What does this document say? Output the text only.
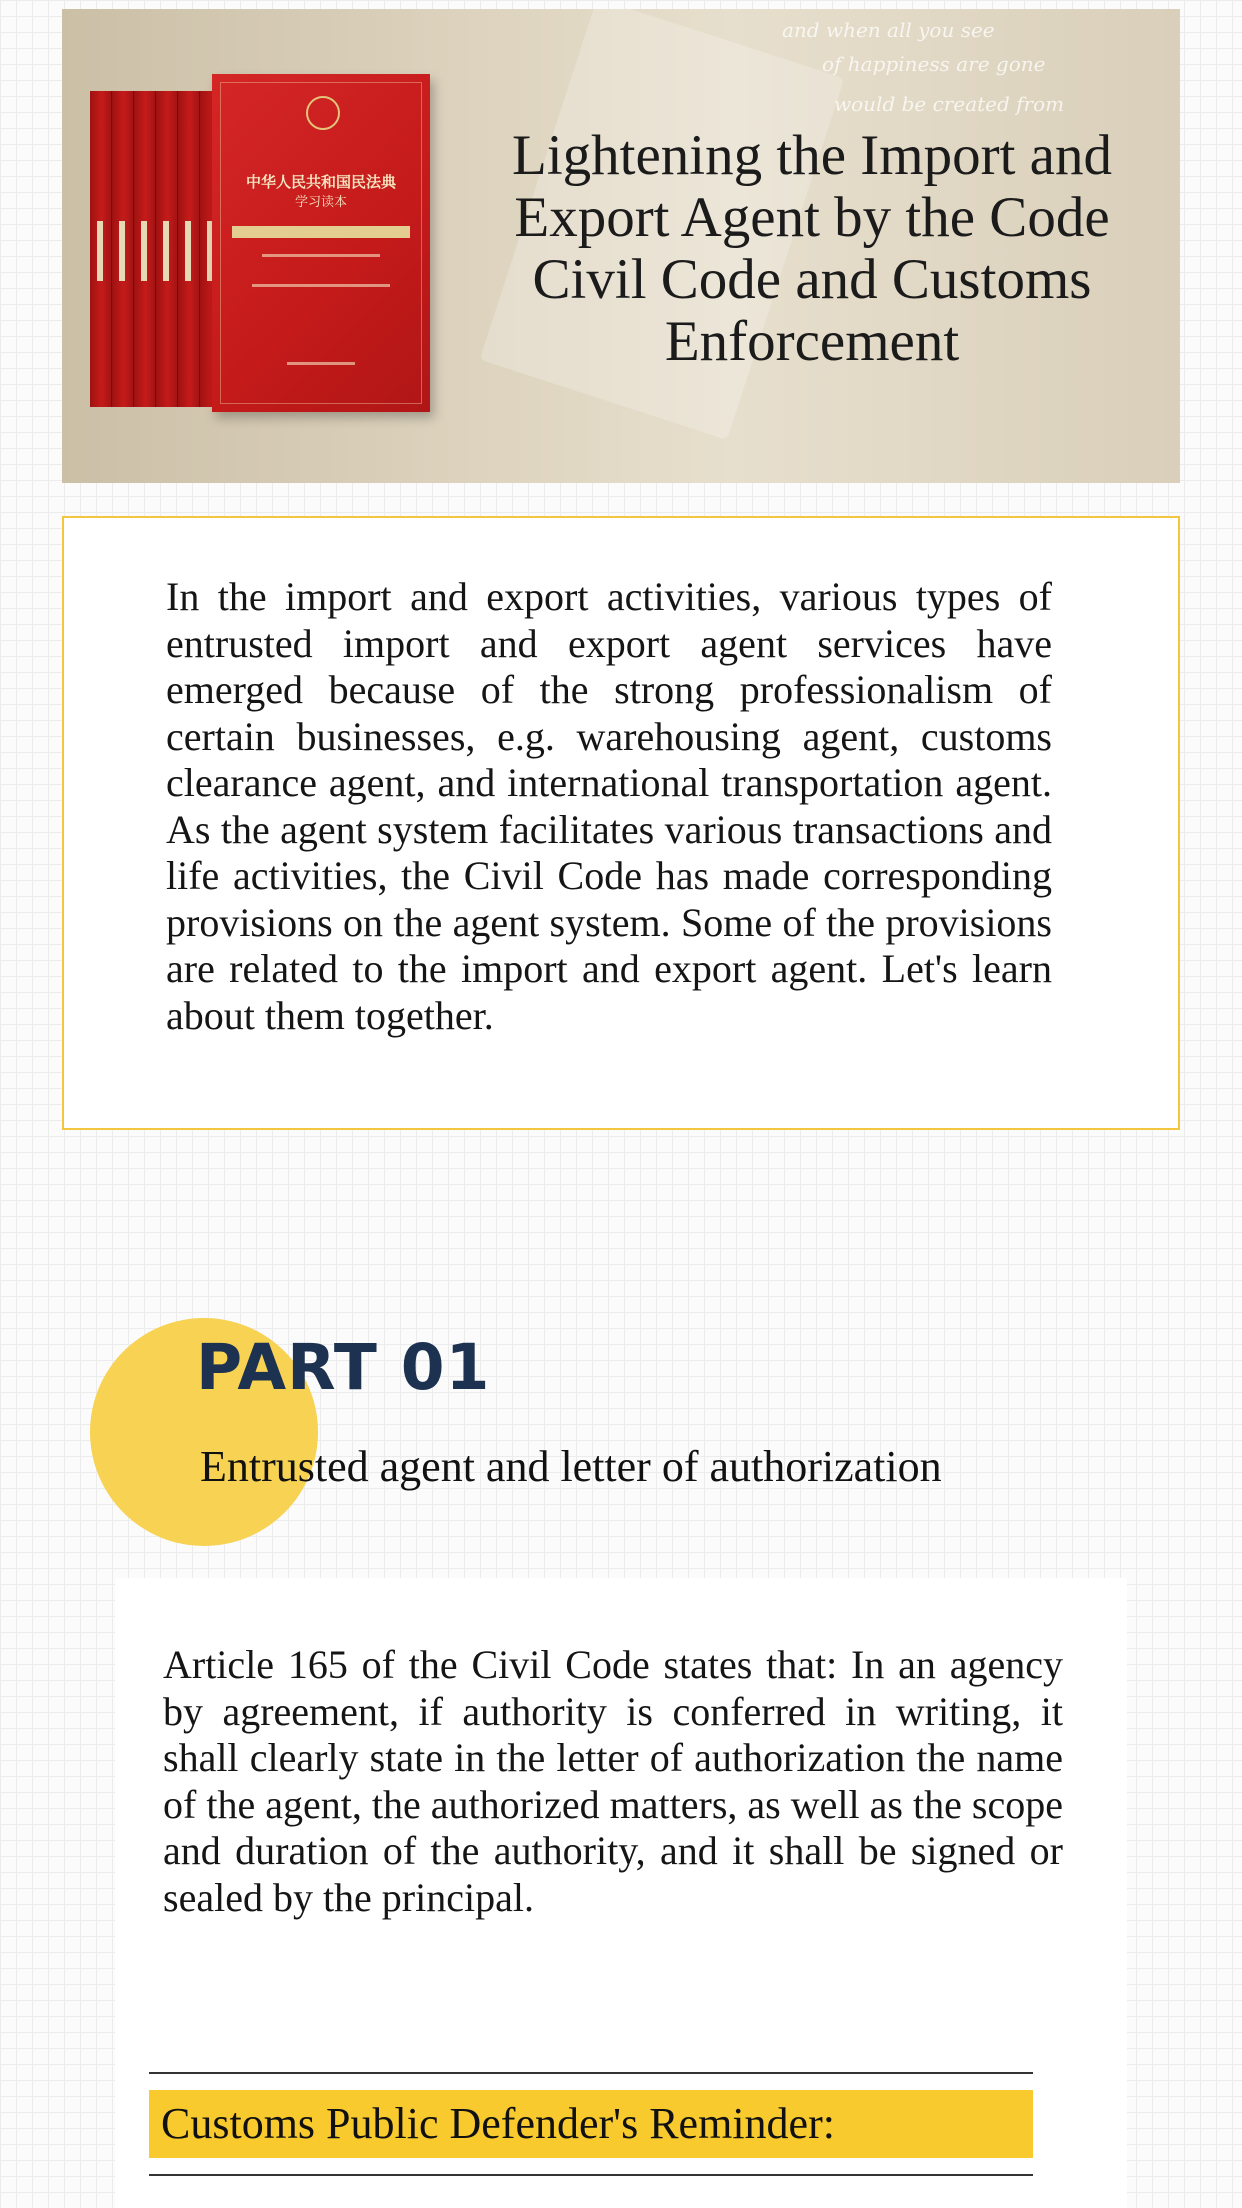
and when all you see
of happiness are gone
would be created from
中华人民共和国民法典
学习读本
Lightening the Import and Export Agent by the Code Civil Code and Customs Enforcement
In the import and export activities, various types of entrusted import and export agent services have emerged because of the strong professionalism of certain businesses, e.g. warehousing agent, customs clearance agent, and international transportation agent. As the agent system facilitates various transactions and life activities, the Civil Code has made corresponding provisions on the agent system. Some of the provisions are related to the import and export agent. Let's learn about them together.
PART 01
Entrusted agent and letter of authorization
Article 165 of the Civil Code states that: In an agency by agreement, if authority is conferred in writing, it shall clearly state in the letter of authorization the name of the agent, the authorized matters, as well as the scope and duration of the authority, and it shall be signed or sealed by the principal.
Customs Public Defender's Reminder:
